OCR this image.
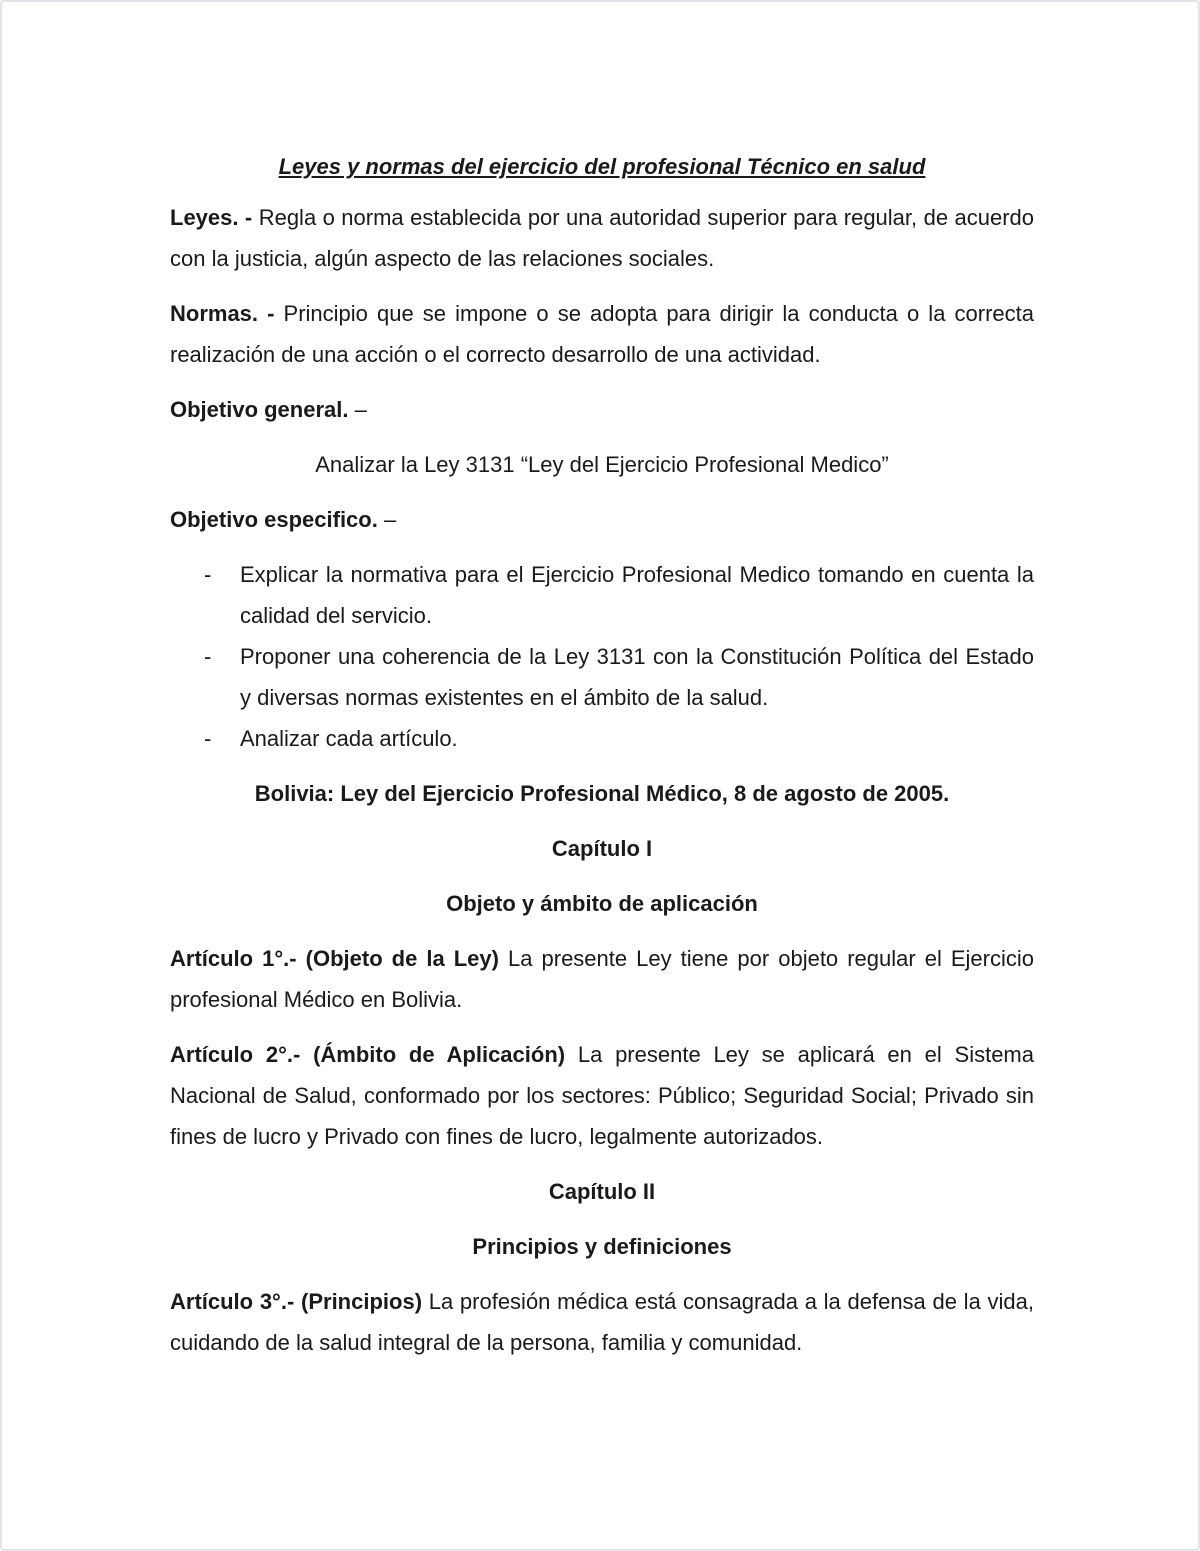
Leyes y normas del ejercicio del profesional Técnico en salud

Leyes. - Regla o norma establecida por una autoridad superior para regular, de acuerdo con la justicia, algún aspecto de las relaciones sociales.

Normas. - Principio que se impone o se adopta para dirigir la conducta o la correcta realización de una acción o el correcto desarrollo de una actividad.

Objetivo general. –

Analizar la Ley 3131 “Ley del Ejercicio Profesional Medico”

Objetivo especifico. –

- Explicar la normativa para el Ejercicio Profesional Medico tomando en cuenta la calidad del servicio.
- Proponer una coherencia de la Ley 3131 con la Constitución Política del Estado y diversas normas existentes en el ámbito de la salud.
- Analizar cada artículo.
Bolivia: Ley del Ejercicio Profesional Médico, 8 de agosto de 2005.
Capítulo I
Objeto y ámbito de aplicación

Artículo 1°.- (Objeto de la Ley) La presente Ley tiene por objeto regular el Ejercicio profesional Médico en Bolivia.

Artículo 2°.- (Ámbito de Aplicación) La presente Ley se aplicará en el Sistema Nacional de Salud, conformado por los sectores: Público; Seguridad Social; Privado sin fines de lucro y Privado con fines de lucro, legalmente autorizados.

Capítulo II
Principios y definiciones

Artículo 3°.- (Principios) La profesión médica está consagrada a la defensa de la vida, cuidando de la salud integral de la persona, familia y comunidad.
